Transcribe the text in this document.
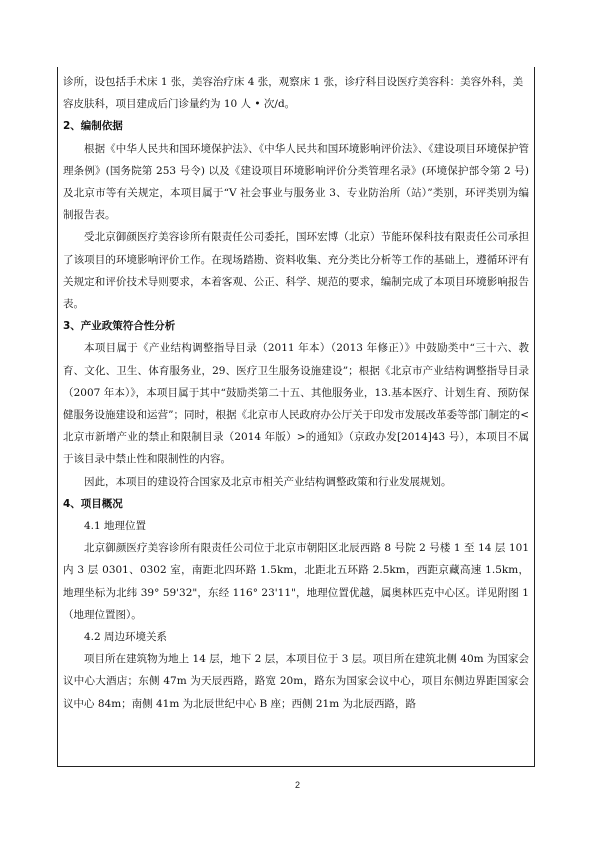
诊所，设包括手术床 1 张，美容治疗床 4 张，观察床 1 张，诊疗科目设医疗美容科：美容外科，美容皮肤科，项目建成后门诊量约为 10 人 • 次/d。

2、编制依据

根据《中华人民共和国环境保护法》、《中华人民共和国环境影响评价法》、《建设项目环境保护管理条例》(国务院第 253 号令) 以及《建设项目环境影响评价分类管理名录》(环境保护部令第 2 号) 及北京市等有关规定，本项目属于“V 社会事业与服务业 3、专业防治所（站）”类别，环评类别为编制报告表。

受北京御颜医疗美容诊所有限责任公司委托，国环宏博（北京）节能环保科技有限责任公司承担了该项目的环境影响评价工作。在现场踏勘、资料收集、充分类比分析等工作的基础上，遵循环评有关规定和评价技术导则要求，本着客观、公正、科学、规范的要求，编制完成了本项目环境影响报告表。

3、产业政策符合性分析

本项目属于《产业结构调整指导目录（2011 年本）（2013 年修正）》中鼓励类中“三十六、教育、文化、卫生、体育服务业，29、医疗卫生服务设施建设”；根据《北京市产业结构调整指导目录（2007 年本）》，本项目属于其中“鼓励类第二十五、其他服务业，13.基本医疗、计划生育、预防保健服务设施建设和运营”；同时，根据《北京市人民政府办公厅关于印发市发展改革委等部门制定的<北京市新增产业的禁止和限制目录（2014 年版）>的通知》（京政办发[2014]43 号），本项目不属于该目录中禁止性和限制性的内容。

因此，本项目的建设符合国家及北京市相关产业结构调整政策和行业发展规划。

4、项目概况

4.1 地理位置

北京御颜医疗美容诊所有限责任公司位于北京市朝阳区北辰西路 8 号院 2 号楼 1 至 14 层 101 内 3 层 0301、0302 室，南距北四环路 1.5km，北距北五环路 2.5km，西距京藏高速 1.5km，地理坐标为北纬 39° 59'32"，东经 116° 23'11"，地理位置优越，属奥林匹克中心区。详见附图 1（地理位置图）。

4.2 周边环境关系

项目所在建筑物为地上 14 层，地下 2 层，本项目位于 3 层。项目所在建筑北侧 40m 为国家会议中心大酒店；东侧 47m 为天辰西路，路宽 20m，路东为国家会议中心，项目东侧边界距国家会议中心 84m；南侧 41m 为北辰世纪中心 B 座；西侧 21m 为北辰西路，路

2
